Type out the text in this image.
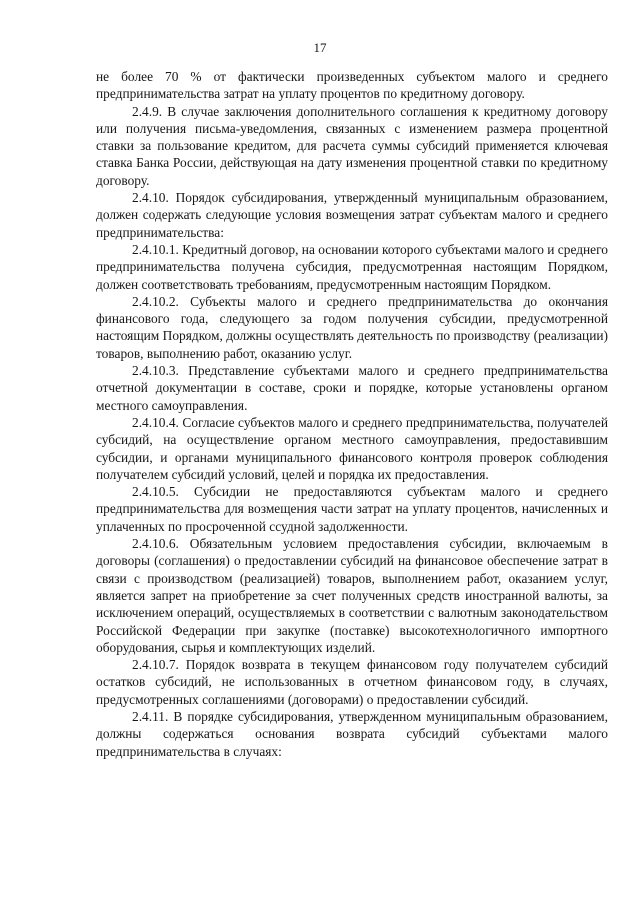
17

не более 70 % от фактически произведенных субъектом малого и среднего предпринимательства затрат на уплату процентов по кредитному договору.

2.4.9. В случае заключения дополнительного соглашения к кредитному договору или получения письма-уведомления, связанных с изменением размера процентной ставки за пользование кредитом, для расчета суммы субсидий применяется ключевая ставка Банка России, действующая на дату изменения процентной ставки по кредитному договору.

2.4.10. Порядок субсидирования, утвержденный муниципальным образованием, должен содержать следующие условия возмещения затрат субъектам малого и среднего предпринимательства:

2.4.10.1. Кредитный договор, на основании которого субъектами малого и среднего предпринимательства получена субсидия, предусмотренная настоящим Порядком, должен соответствовать требованиям, предусмотренным настоящим Порядком.

2.4.10.2. Субъекты малого и среднего предпринимательства до окончания финансового года, следующего за годом получения субсидии, предусмотренной настоящим Порядком, должны осуществлять деятельность по производству (реализации) товаров, выполнению работ, оказанию услуг.

2.4.10.3. Представление субъектами малого и среднего предпринимательства отчетной документации в составе, сроки и порядке, которые установлены органом местного самоуправления.

2.4.10.4. Согласие субъектов малого и среднего предпринимательства, получателей субсидий, на осуществление органом местного самоуправления, предоставившим субсидии, и органами муниципального финансового контроля проверок соблюдения получателем субсидий условий, целей и порядка их предоставления.

2.4.10.5. Субсидии не предоставляются субъектам малого и среднего предпринимательства для возмещения части затрат на уплату процентов, начисленных и уплаченных по просроченной ссудной задолженности.

2.4.10.6. Обязательным условием предоставления субсидии, включаемым в договоры (соглашения) о предоставлении субсидий на финансовое обеспечение затрат в связи с производством (реализацией) товаров, выполнением работ, оказанием услуг, является запрет на приобретение за счет полученных средств иностранной валюты, за исключением операций, осуществляемых в соответствии с валютным законодательством Российской Федерации при закупке (поставке) высокотехнологичного импортного оборудования, сырья и комплектующих изделий.

2.4.10.7. Порядок возврата в текущем финансовом году получателем субсидий остатков субсидий, не использованных в отчетном финансовом году, в случаях, предусмотренных соглашениями (договорами) о предоставлении субсидий.

2.4.11. В порядке субсидирования, утвержденном муниципальным образованием, должны содержаться основания возврата субсидий субъектами малого предпринимательства в случаях:
